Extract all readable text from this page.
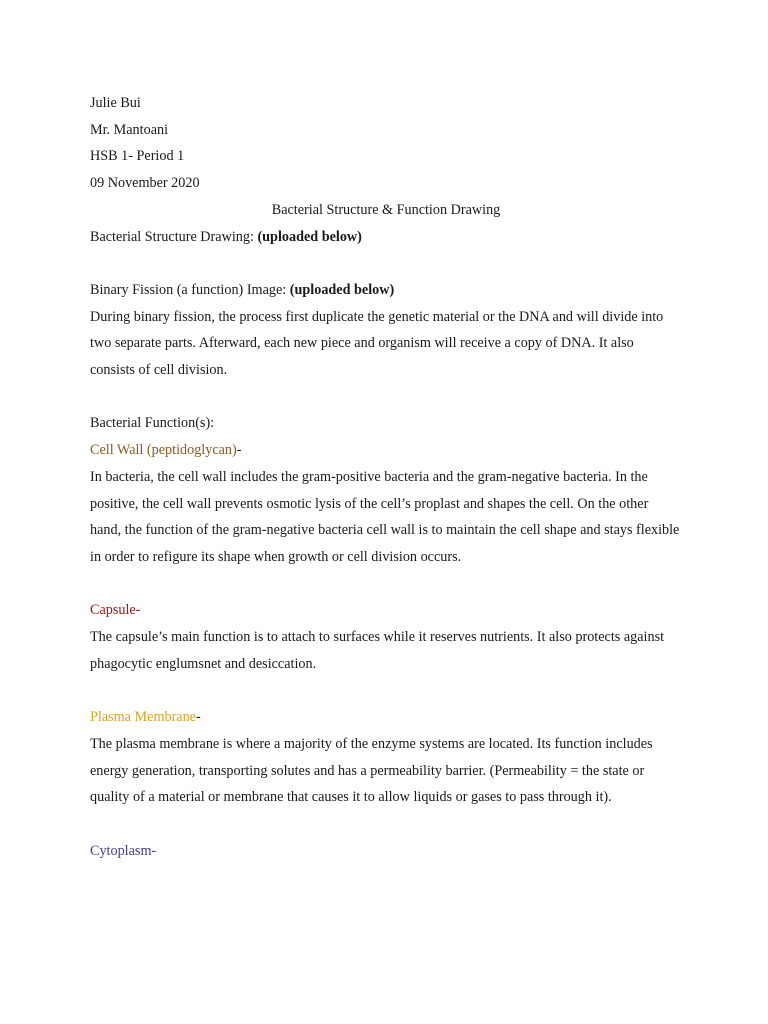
Julie Bui

Mr. Mantoani

HSB 1- Period 1

09 November 2020

Bacterial Structure & Function Drawing

Bacterial Structure Drawing: (uploaded below)

Binary Fission (a function) Image: (uploaded below)

During binary fission, the process first duplicate the genetic material or the DNA and will divide into two separate parts. Afterward, each new piece and organism will receive a copy of DNA. It also consists of cell division.

Bacterial Function(s):

Cell Wall (peptidoglycan)-

In bacteria, the cell wall includes the gram-positive bacteria and the gram-negative bacteria. In the positive, the cell wall prevents osmotic lysis of the cell’s proplast and shapes the cell. On the other hand, the function of the gram-negative bacteria cell wall is to maintain the cell shape and stays flexible in order to refigure its shape when growth or cell division occurs.

Capsule-

The capsule’s main function is to attach to surfaces while it reserves nutrients. It also protects against phagocytic englumsnet and desiccation.

Plasma Membrane-

The plasma membrane is where a majority of the enzyme systems are located. Its function includes energy generation, transporting solutes and has a permeability barrier. (Permeability = the state or quality of a material or membrane that causes it to allow liquids or gases to pass through it).

Cytoplasm-
